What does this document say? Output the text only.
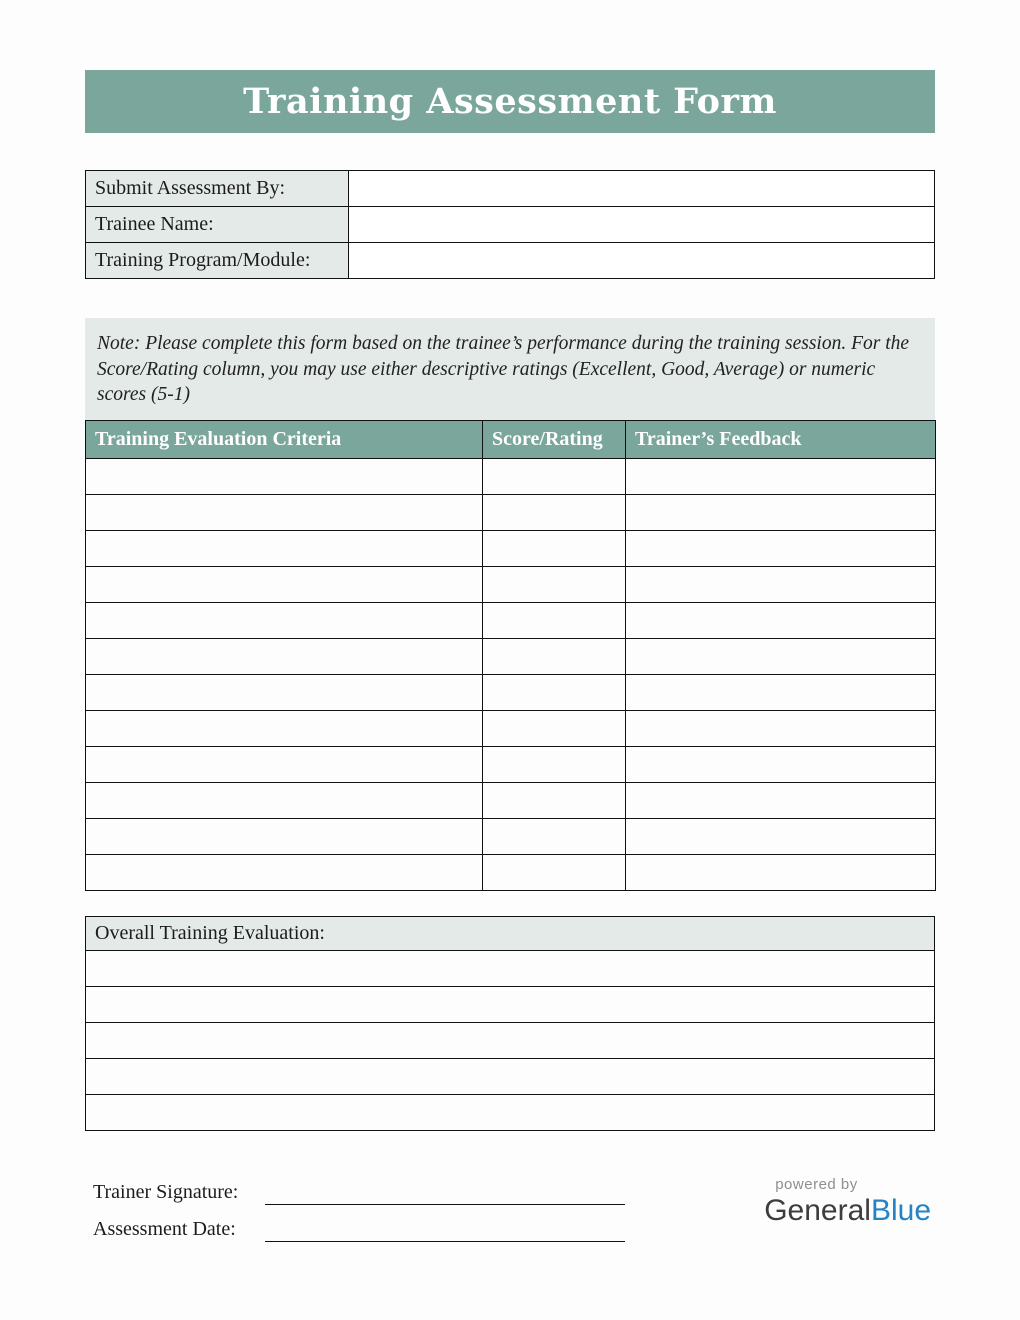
Training Assessment Form
Submit Assessment By:	
Trainee Name:	
Training Program/Module:	
Note: Please complete this form based on the trainee’s performance during the training session. For the Score/Rating column, you may use either descriptive ratings (Excellent, Good, Average) or numeric scores (5-1)
Training Evaluation Criteria	Score/Rating	Trainer’s Feedback

Overall Training Evaluation:

Trainer Signature:
Assessment Date:
powered by
GeneralBlue
